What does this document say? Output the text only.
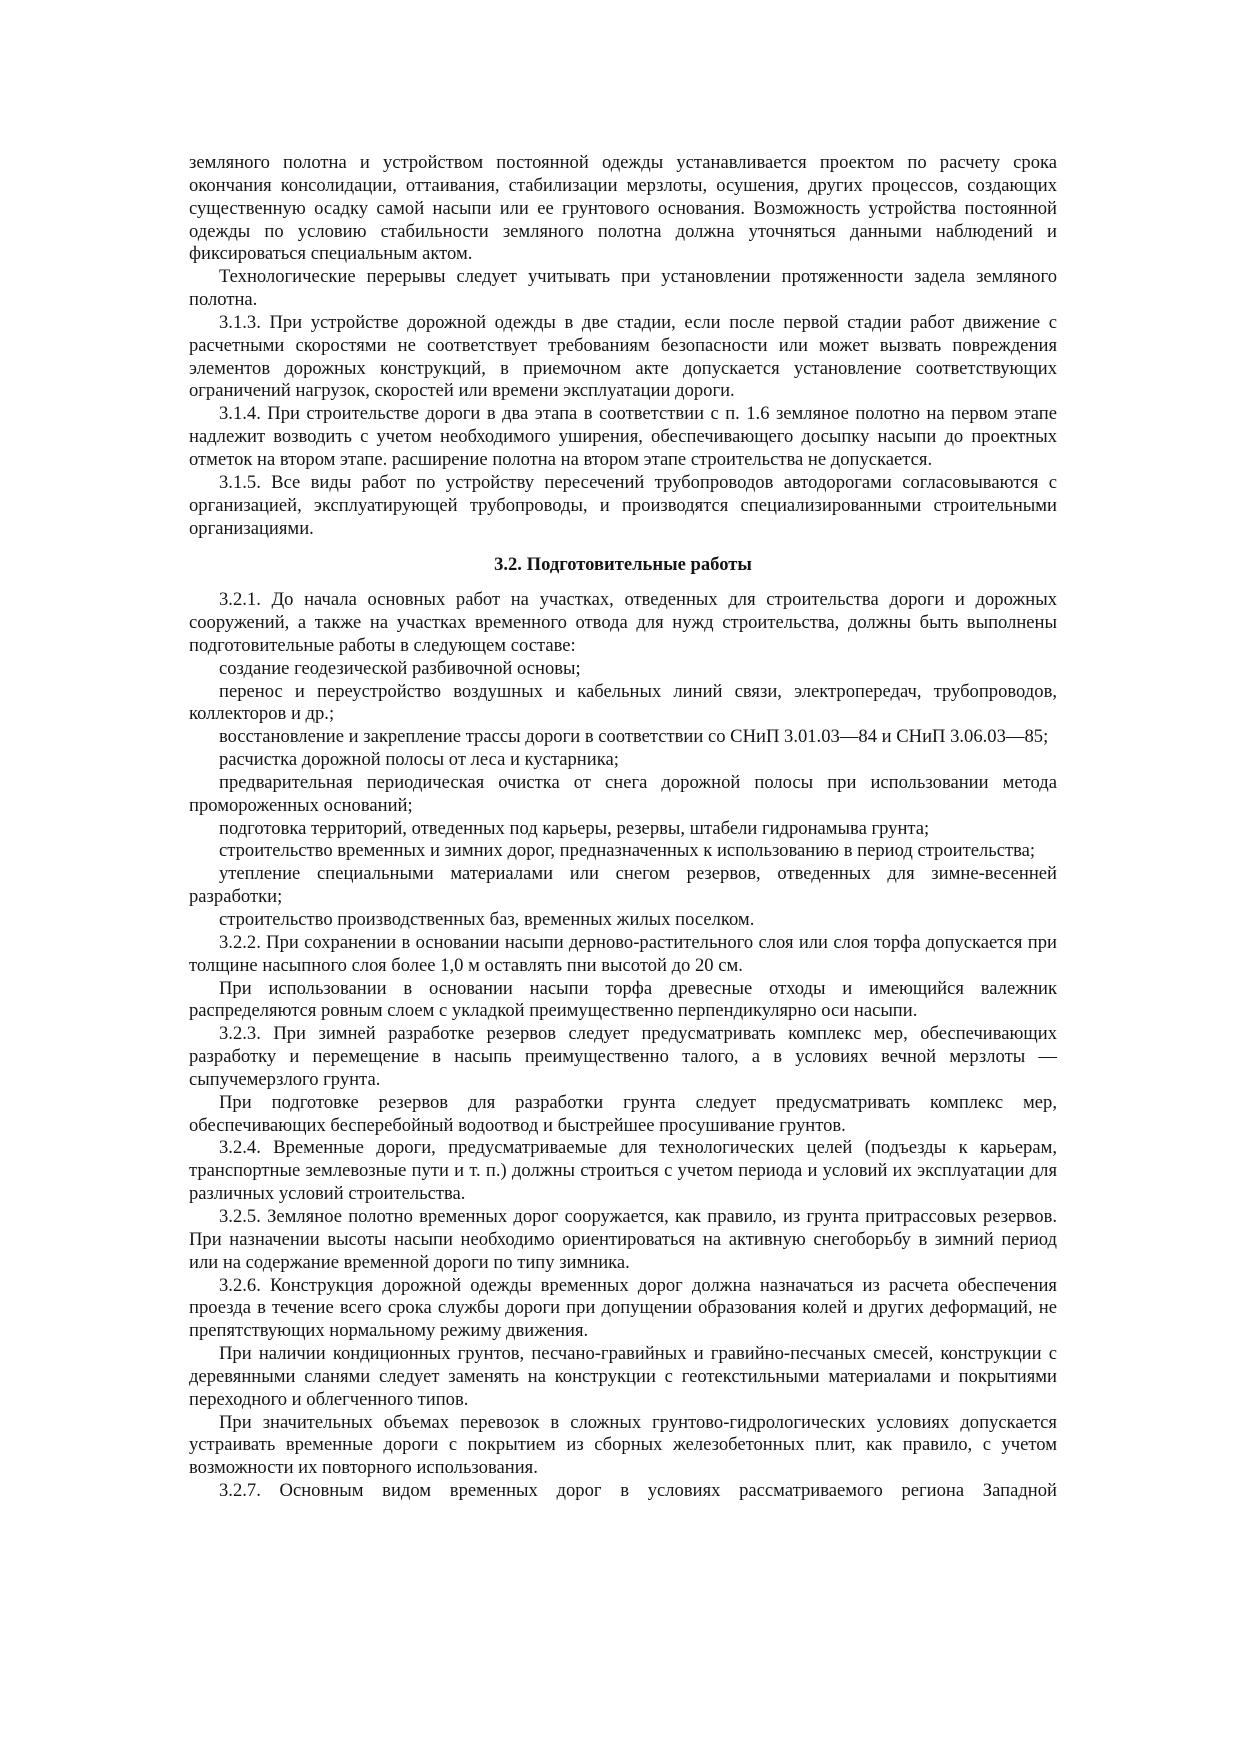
земляного полотна и устройством постоянной одежды устанавливается проектом по расчету срока окончания консолидации, оттаивания, стабилизации мерзлоты, осушения, других процессов, создающих существенную осадку самой насыпи или ее грунтового основания. Возможность устройства постоянной одежды по условию стабильности земляного полотна должна уточняться данными наблюдений и фиксироваться специальным актом.

Технологические перерывы следует учитывать при установлении протяженности задела земляного полотна.

3.1.3. При устройстве дорожной одежды в две стадии, если после первой стадии работ движение с расчетными скоростями не соответствует требованиям безопасности или может вызвать повреждения элементов дорожных конструкций, в приемочном акте допускается установление соответствующих ограничений нагрузок, скоростей или времени эксплуатации дороги.

3.1.4. При строительстве дороги в два этапа в соответствии с п. 1.6 земляное полотно на первом этапе надлежит возводить с учетом необходимого уширения, обеспечивающего досыпку насыпи до проектных отметок на втором этапе. расширение полотна на втором этапе строительства не допускается.

3.1.5. Все виды работ по устройству пересечений трубопроводов автодорогами согласовываются с организацией, эксплуатирующей трубопроводы, и производятся специализированными строительными организациями.

3.2. Подготовительные работы

3.2.1. До начала основных работ на участках, отведенных для строительства дороги и дорожных сооружений, а также на участках временного отвода для нужд строительства, должны быть выполнены подготовительные работы в следующем составе:

создание геодезической разбивочной основы;

перенос и переустройство воздушных и кабельных линий связи, электропередач, трубопроводов, коллекторов и др.;

восстановление и закрепление трассы дороги в соответствии со СНиП 3.01.03—84 и СНиП 3.06.03—85;

расчистка дорожной полосы от леса и кустарника;

предварительная периодическая очистка от снега дорожной полосы при использовании метода промороженных оснований;

подготовка территорий, отведенных под карьеры, резервы, штабели гидронамыва грунта;

строительство временных и зимних дорог, предназначенных к использованию в период строительства;

утепление специальными материалами или снегом резервов, отведенных для зимне-весенней разработки;

строительство производственных баз, временных жилых поселком.

3.2.2. При сохранении в основании насыпи дерново-растительного слоя или слоя торфа допускается при толщине насыпного слоя более 1,0 м оставлять пни высотой до 20 см.

При использовании в основании насыпи торфа древесные отходы и имеющийся валежник распределяются ровным слоем с укладкой преимущественно перпендикулярно оси насыпи.

3.2.3. При зимней разработке резервов следует предусматривать комплекс мер, обеспечивающих разработку и перемещение в насыпь преимущественно талого, а в условиях вечной мерзлоты — сыпучемерзлого грунта.

При подготовке резервов для разработки грунта следует предусматривать комплекс мер, обеспечивающих бесперебойный водоотвод и быстрейшее просушивание грунтов.

3.2.4. Временные дороги, предусматриваемые для технологических целей (подъезды к карьерам, транспортные землевозные пути и т. п.) должны строиться с учетом периода и условий их эксплуатации для различных условий строительства.

3.2.5. Земляное полотно временных дорог сооружается, как правило, из грунта притрассовых резервов. При назначении высоты насыпи необходимо ориентироваться на активную снегоборьбу в зимний период или на содержание временной дороги по типу зимника.

3.2.6. Конструкция дорожной одежды временных дорог должна назначаться из расчета обеспечения проезда в течение всего срока службы дороги при допущении образования колей и других деформаций, не препятствующих нормальному режиму движения.

При наличии кондиционных грунтов, песчано-гравийных и гравийно-песчаных смесей, конструкции с деревянными сланями следует заменять на конструкции с геотекстильными материалами и покрытиями переходного и облегченного типов.

При значительных объемах перевозок в сложных грунтово-гидрологических условиях допускается устраивать временные дороги с покрытием из сборных железобетонных плит, как правило, с учетом возможности их повторного использования.

3.2.7. Основным видом временных дорог в условиях рассматриваемого региона Западной
